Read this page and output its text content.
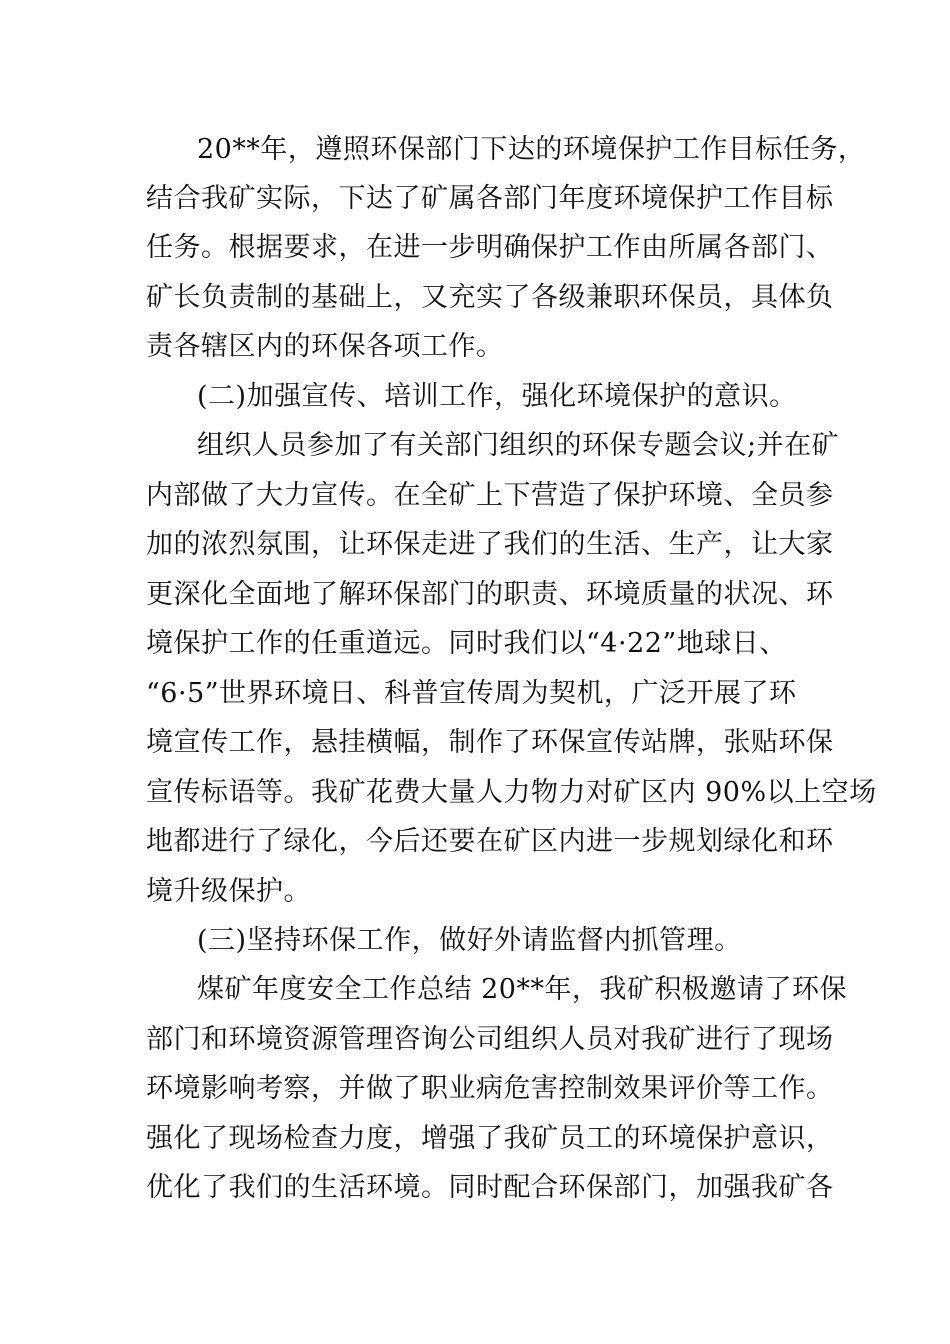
20**年，遵照环保部门下达的环境保护工作目标任务，
结合我矿实际，下达了矿属各部门年度环境保护工作目标
任务。根据要求，在进一步明确保护工作由所属各部门、
矿长负责制的基础上，又充实了各级兼职环保员，具体负
责各辖区内的环保各项工作。
(二)加强宣传、培训工作，强化环境保护的意识。
组织人员参加了有关部门组织的环保专题会议;并在矿
内部做了大力宣传。在全矿上下营造了保护环境、全员参
加的浓烈氛围，让环保走进了我们的生活、生产，让大家
更深化全面地了解环保部门的职责、环境质量的状况、环
境保护工作的任重道远。同时我们以“4·22”地球日、
“6·5”世界环境日、科普宣传周为契机，广泛开展了环
境宣传工作，悬挂横幅，制作了环保宣传站牌，张贴环保
宣传标语等。我矿花费大量人力物力对矿区内 90%以上空场
地都进行了绿化，今后还要在矿区内进一步规划绿化和环
境升级保护。
(三)坚持环保工作，做好外请监督内抓管理。
煤矿年度安全工作总结 20**年，我矿积极邀请了环保
部门和环境资源管理咨询公司组织人员对我矿进行了现场
环境影响考察，并做了职业病危害控制效果评价等工作。
强化了现场检查力度，增强了我矿员工的环境保护意识，
优化了我们的生活环境。同时配合环保部门，加强我矿各
